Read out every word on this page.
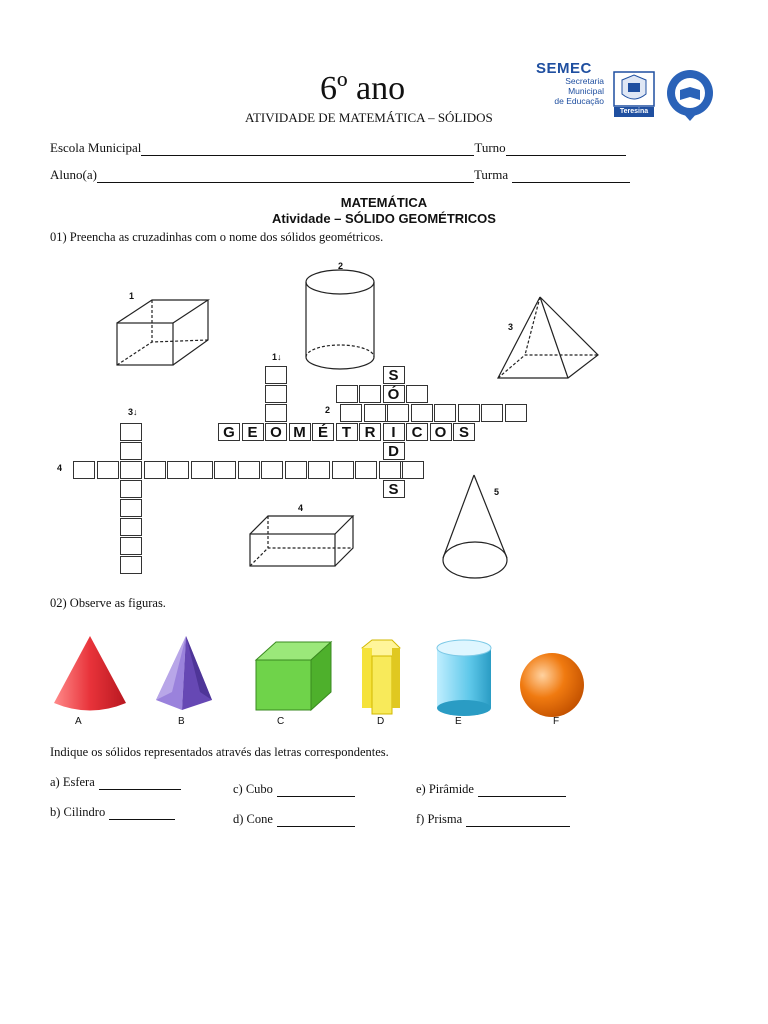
6º ano
ATIVIDADE DE MATEMÁTICA – SÓLIDOS
SEMEC
Secretaria
Municipal
de Educação
Teresina
Escola Municipal	Turno
Aluno(a)	Turma
MATEMÁTICA
Atividade – SÓLIDO GEOMÉTRICOS
01) Preencha as cruzadinhas com o nome dos sólidos geométricos.
1
2
3
1↓
2
3↓
4
4
5
G E O M É T R	I	C O S
S
Ó
D
S
02) Observe as figuras.
A	B	C	D	E	F
Indique os sólidos representados através das letras correspondentes.
a) Esfera
b) Cilindro
c) Cubo
d) Cone
e) Pirâmide
f) Prisma
